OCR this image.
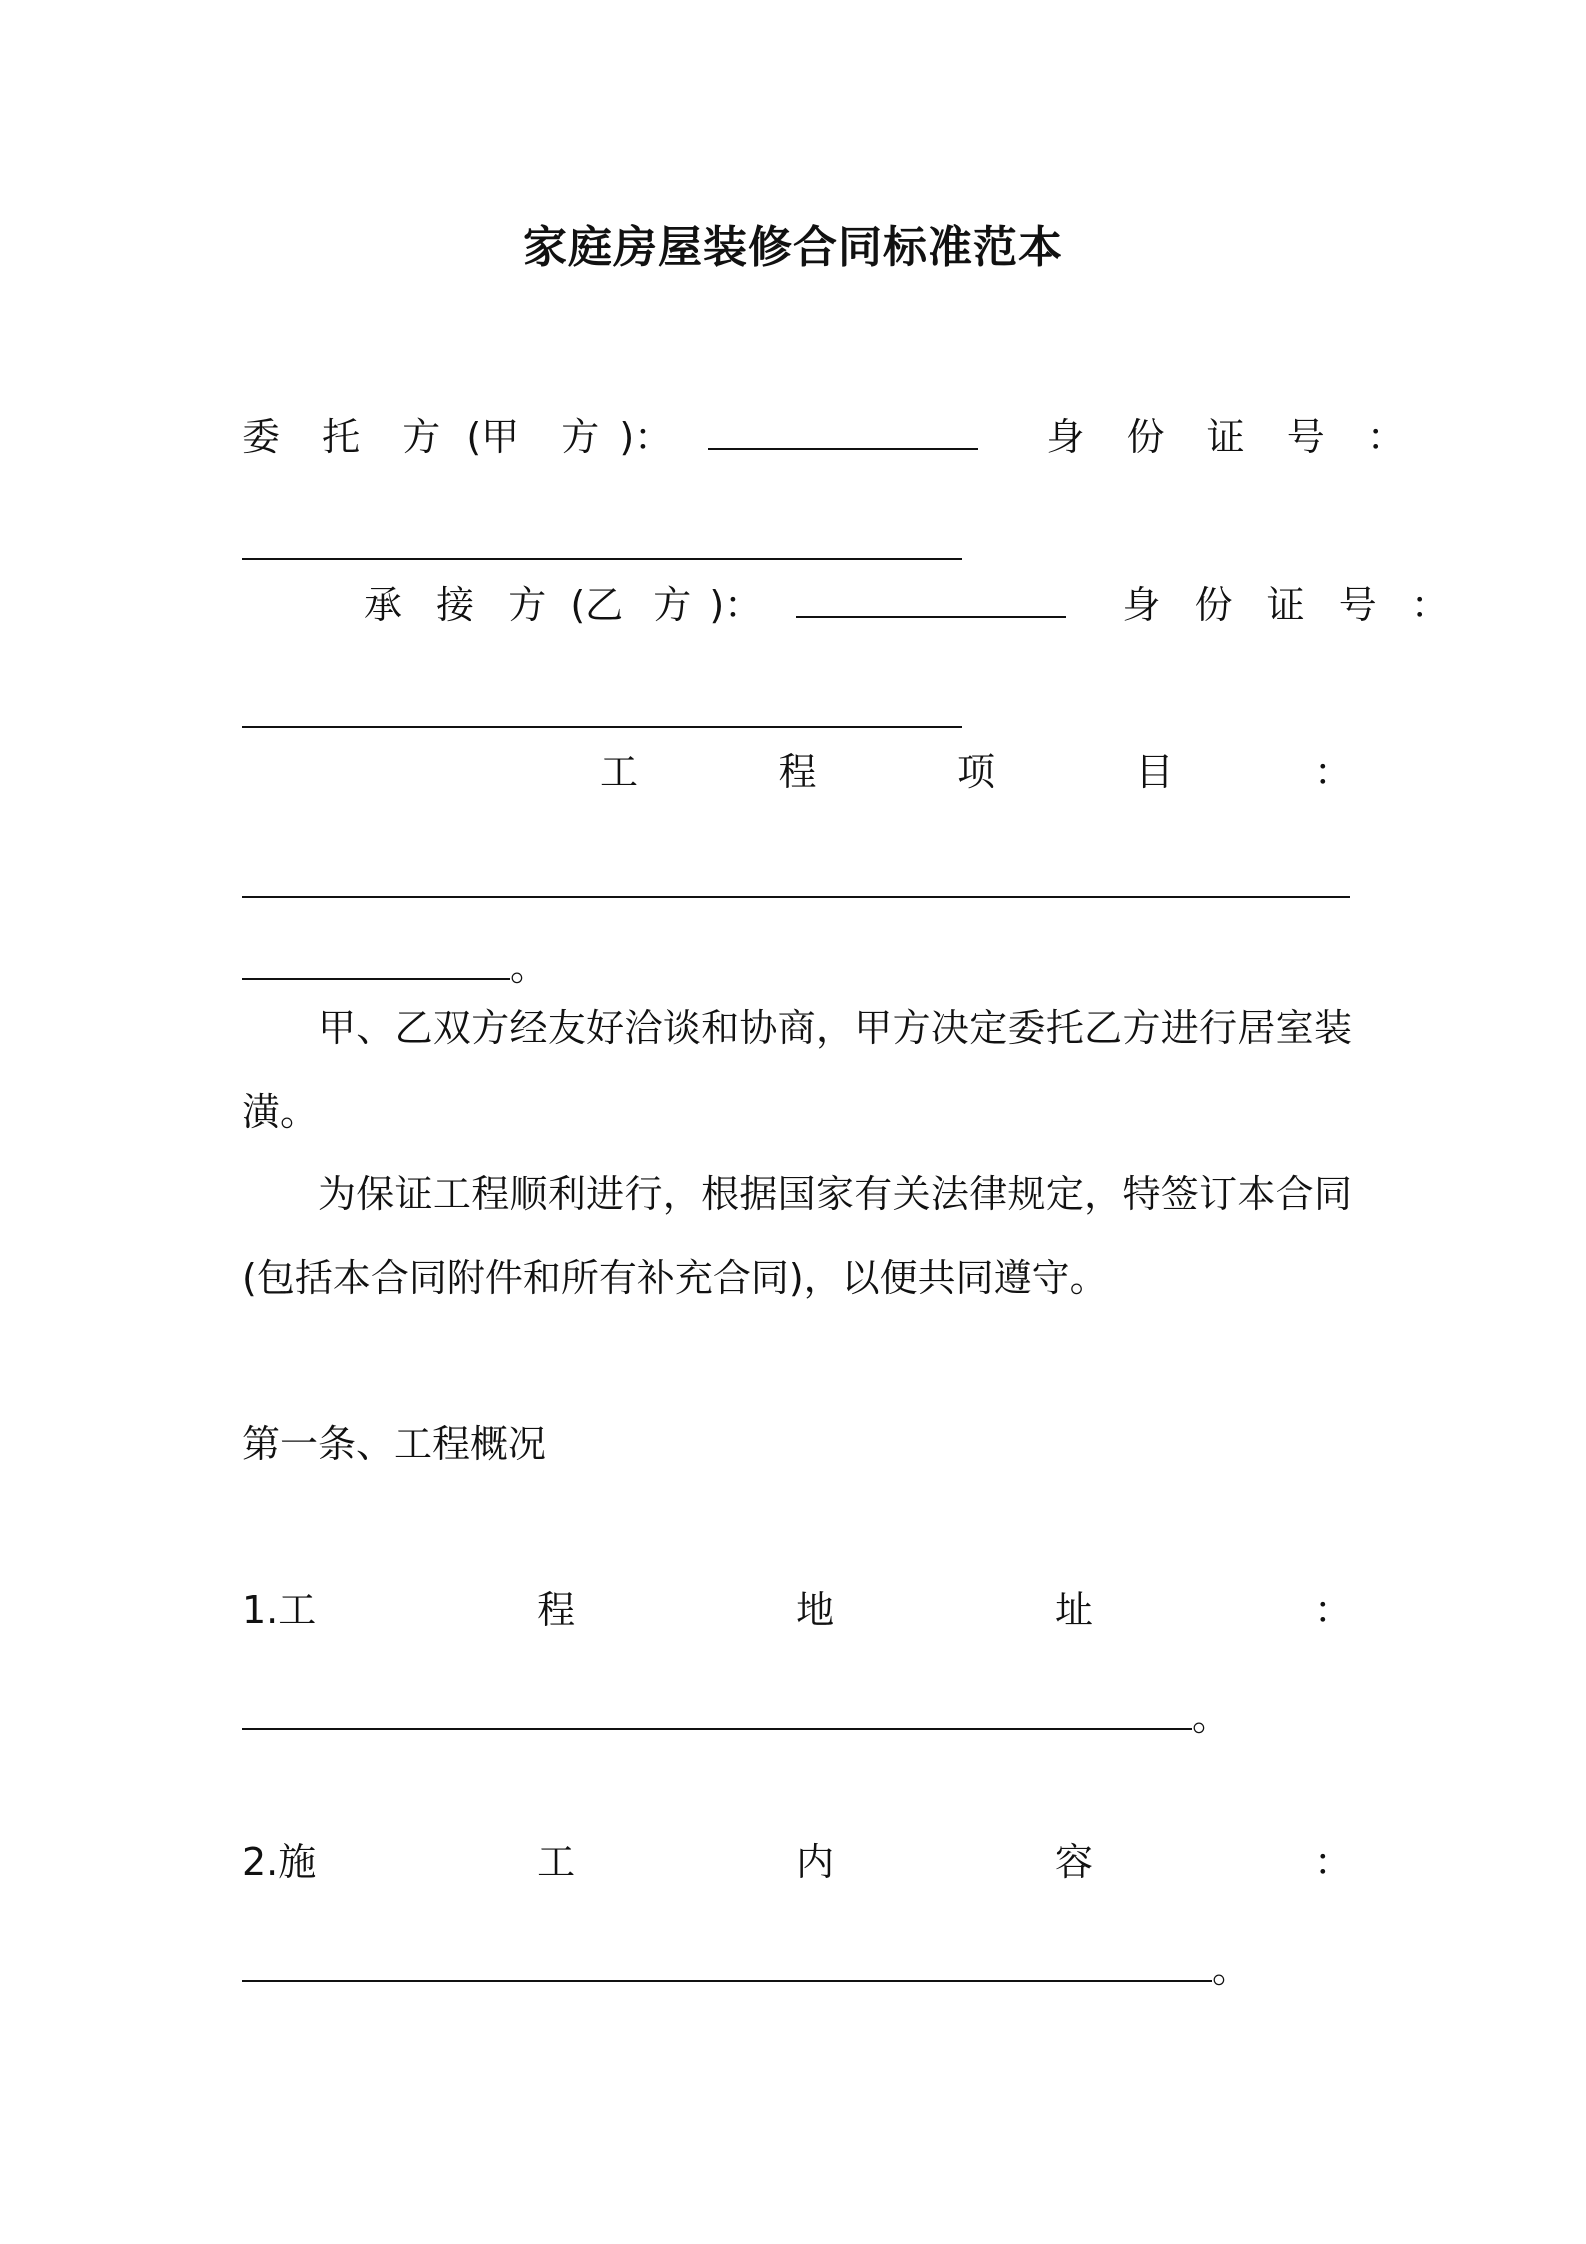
家庭房屋装修合同标准范本
委 托 方 (甲 方 )：	身 份 证 号 ：
承 接 方 (乙 方 )：	身 份 证 号 ：
工	程	项	目	：
。
甲、乙双方经友好洽谈和协商，甲方决定委托乙方进行居室装潢。
为保证工程顺利进行，根据国家有关法律规定，特签订本合同(包括本合同附件和所有补充合同)，以便共同遵守。
第一条、工程概况
1.工	程	地	址	：
。
2.施	工	内	容	：
。
